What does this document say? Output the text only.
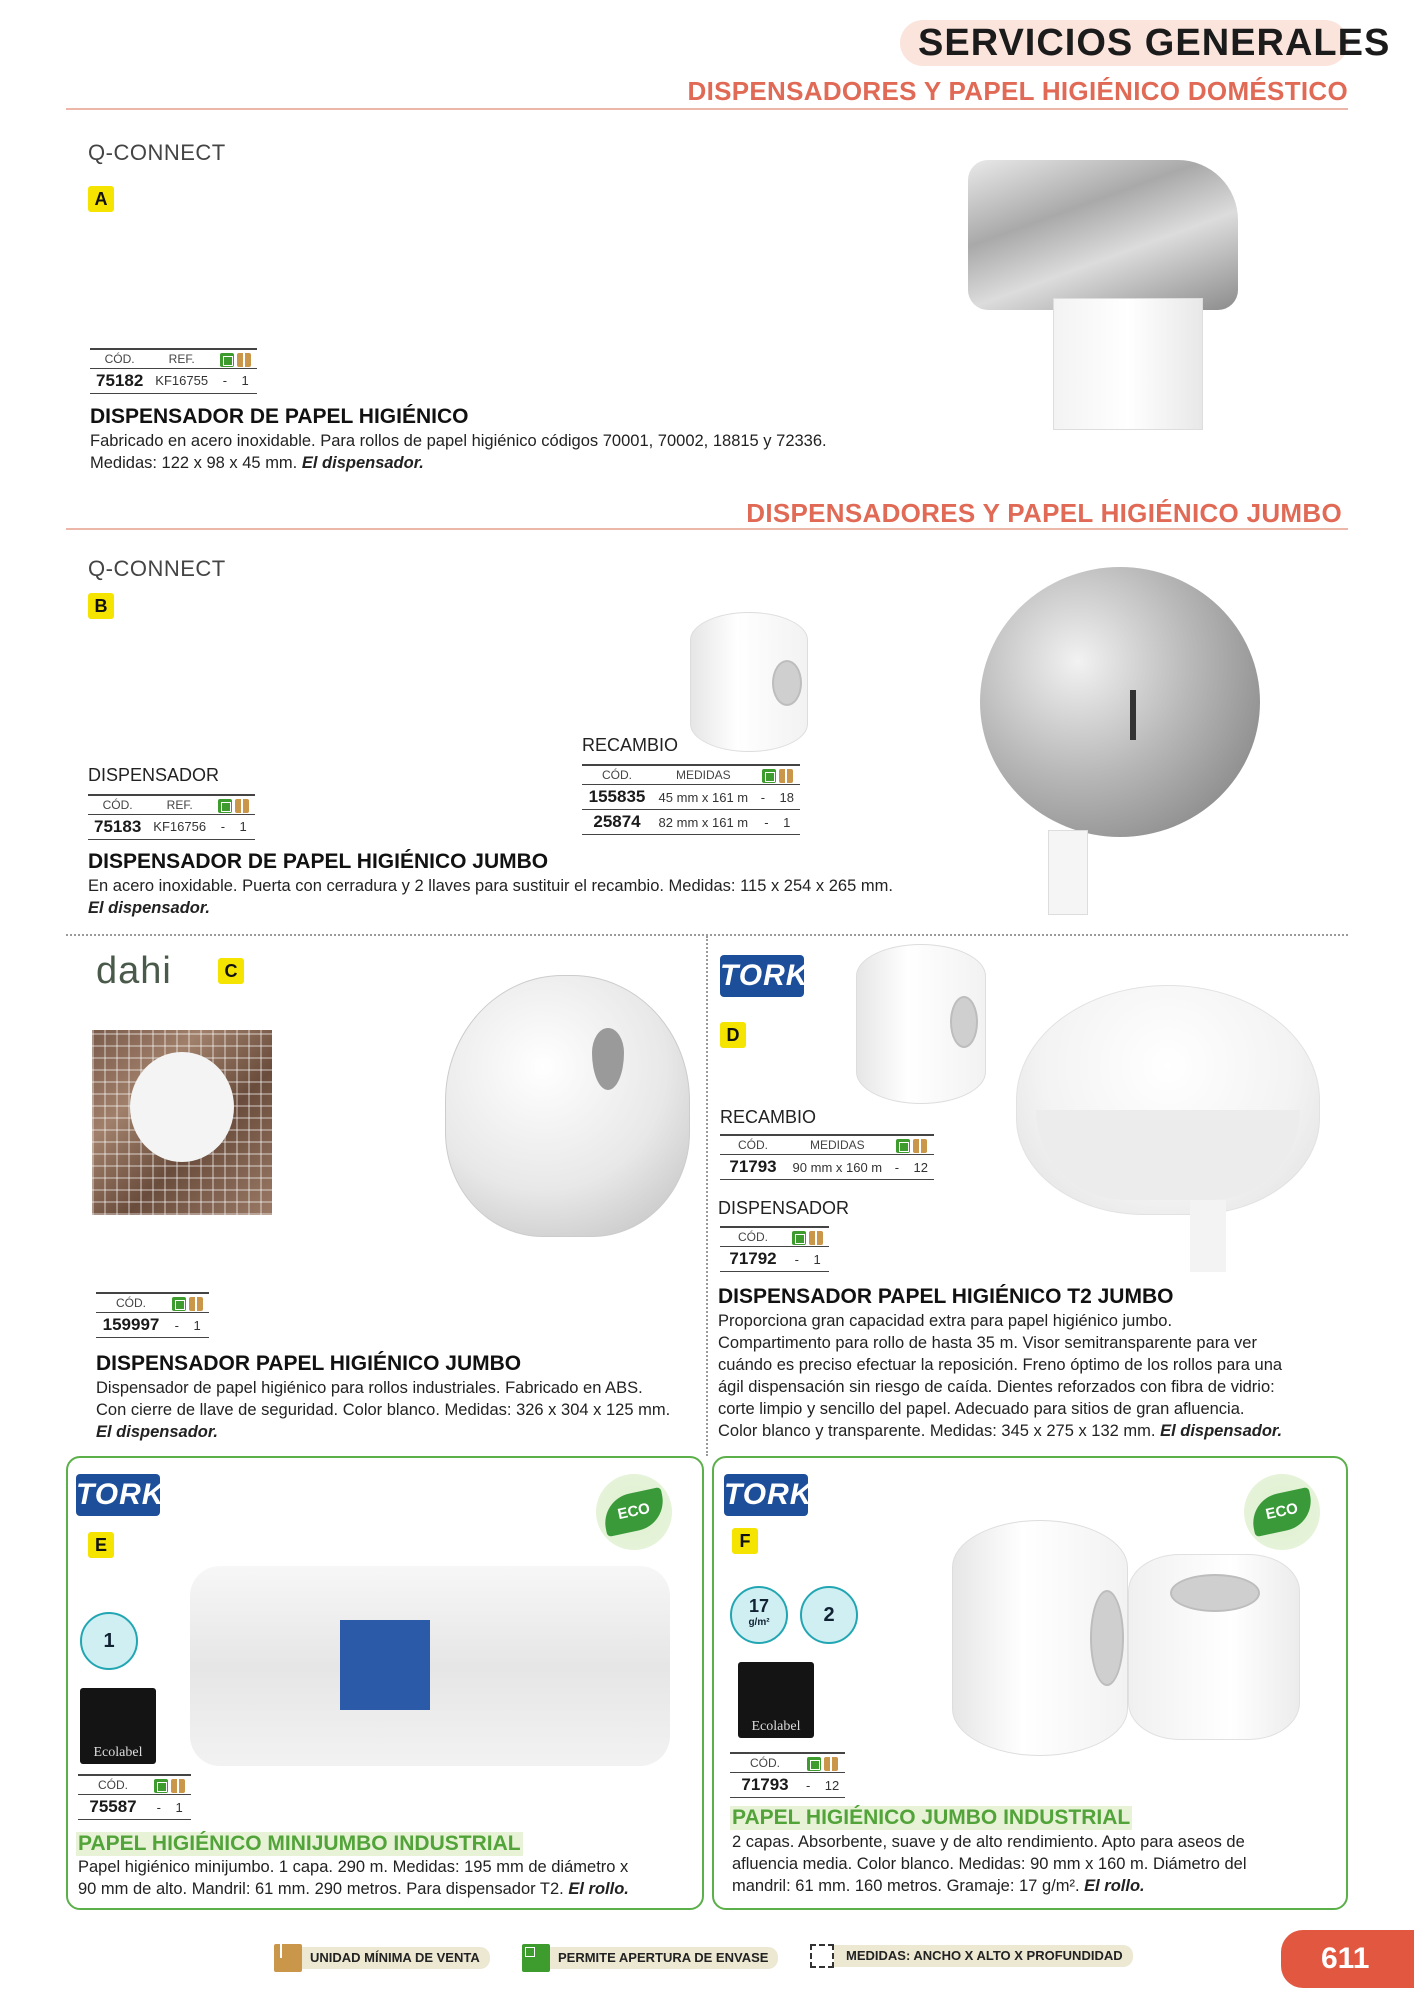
SERVICIOS GENERALES
DISPENSADORES Y PAPEL HIGIÉNICO DOMÉSTICO
Q-CONNECT
A
CÓD.	REF.	
75182	KF16755	- 1
DISPENSADOR DE PAPEL HIGIÉNICO
Fabricado en acero inoxidable. Para rollos de papel higiénico códigos 70001, 70002, 18815 y 72336.
Medidas: 122 x 98 x 45 mm. El dispensador.
DISPENSADORES Y PAPEL HIGIÉNICO JUMBO
Q-CONNECT
B
DISPENSADOR
CÓD.	REF.	
75183	KF16756	- 1
RECAMBIO
CÓD.	MEDIDAS	
155835	45 mm x 161 m	- 18
25874	82 mm x 161 m	- 1
DISPENSADOR DE PAPEL HIGIÉNICO JUMBO
En acero inoxidable. Puerta con cerradura y 2 llaves para sustituir el recambio. Medidas: 115 x 254 x 265 mm.
El dispensador.
dahi	C
CÓD.	
159997	- 1
DISPENSADOR PAPEL HIGIÉNICO JUMBO
Dispensador de papel higiénico para rollos industriales. Fabricado en ABS.
Con cierre de llave de seguridad. Color blanco. Medidas: 326 x 304 x 125 mm.
El dispensador.
TORK
D
RECAMBIO
CÓD.	MEDIDAS	
71793	90 mm x 160 m	- 12
DISPENSADOR
CÓD.	
71792	- 1
DISPENSADOR PAPEL HIGIÉNICO T2 JUMBO
Proporciona gran capacidad extra para papel higiénico jumbo.
Compartimento para rollo de hasta 35 m. Visor semitransparente para ver
cuándo es preciso efectuar la reposición. Freno óptimo de los rollos para una
ágil dispensación sin riesgo de caída. Dientes reforzados con fibra de vidrio:
corte limpio y sencillo del papel. Adecuado para sitios de gran afluencia.
Color blanco y transparente. Medidas: 345 x 275 x 132 mm. El dispensador.
TORK
E
ECO
1
Ecolabel
CÓD.	
75587	- 1
PAPEL HIGIÉNICO MINIJUMBO INDUSTRIAL
Papel higiénico minijumbo. 1 capa. 290 m. Medidas: 195 mm de diámetro x
90 mm de alto. Mandril: 61 mm. 290 metros. Para dispensador T2. El rollo.
TORK
F
ECO
17
g/m²	2
Ecolabel
CÓD.	
71793	- 12
PAPEL HIGIÉNICO JUMBO INDUSTRIAL
2 capas. Absorbente, suave y de alto rendimiento. Apto para aseos de
afluencia media. Color blanco. Medidas: 90 mm x 160 m. Diámetro del
mandril: 61 mm. 160 metros. Gramaje: 17 g/m². El rollo.
UNIDAD MÍNIMA DE VENTA	PERMITE APERTURA DE ENVASE	MEDIDAS: ANCHO X ALTO X PROFUNDIDAD	611
